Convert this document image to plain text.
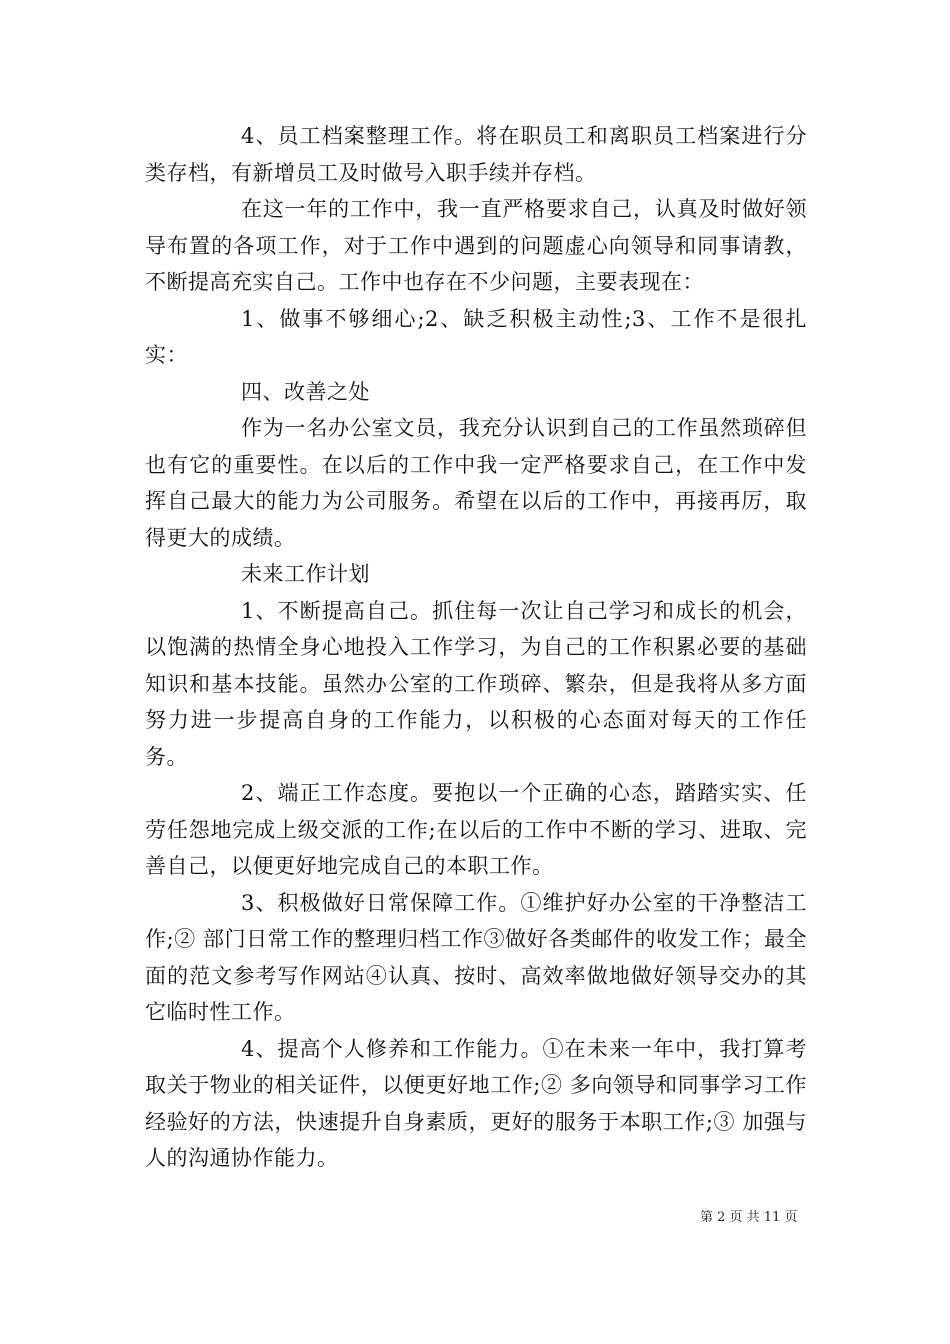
4、员工档案整理工作。将在职员工和离职员工档案进行分类存档，有新增员工及时做号入职手续并存档。

在这一年的工作中，我一直严格要求自己，认真及时做好领导布置的各项工作，对于工作中遇到的问题虚心向领导和同事请教，不断提高充实自己。工作中也存在不少问题，主要表现在：

1、做事不够细心;2、缺乏积极主动性;3、工作不是很扎实：

四、改善之处

作为一名办公室文员，我充分认识到自己的工作虽然琐碎但也有它的重要性。在以后的工作中我一定严格要求自己，在工作中发挥自己最大的能力为公司服务。希望在以后的工作中，再接再厉，取得更大的成绩。

未来工作计划

1、不断提高自己。抓住每一次让自己学习和成长的机会，以饱满的热情全身心地投入工作学习，为自己的工作积累必要的基础知识和基本技能。虽然办公室的工作琐碎、繁杂，但是我将从多方面努力进一步提高自身的工作能力，以积极的心态面对每天的工作任务。

2、端正工作态度。要抱以一个正确的心态，踏踏实实、任劳任怨地完成上级交派的工作;在以后的工作中不断的学习、进取、完善自己，以便更好地完成自己的本职工作。

3、积极做好日常保障工作。①维护好办公室的干净整洁工作;② 部门日常工作的整理归档工作③做好各类邮件的收发工作；最全面的范文参考写作网站④认真、按时、高效率做地做好领导交办的其它临时性工作。

4、提高个人修养和工作能力。①在未来一年中，我打算考取关于物业的相关证件，以便更好地工作;② 多向领导和同事学习工作经验好的方法，快速提升自身素质，更好的服务于本职工作;③ 加强与人的沟通协作能力。

第 2 页 共 11 页
